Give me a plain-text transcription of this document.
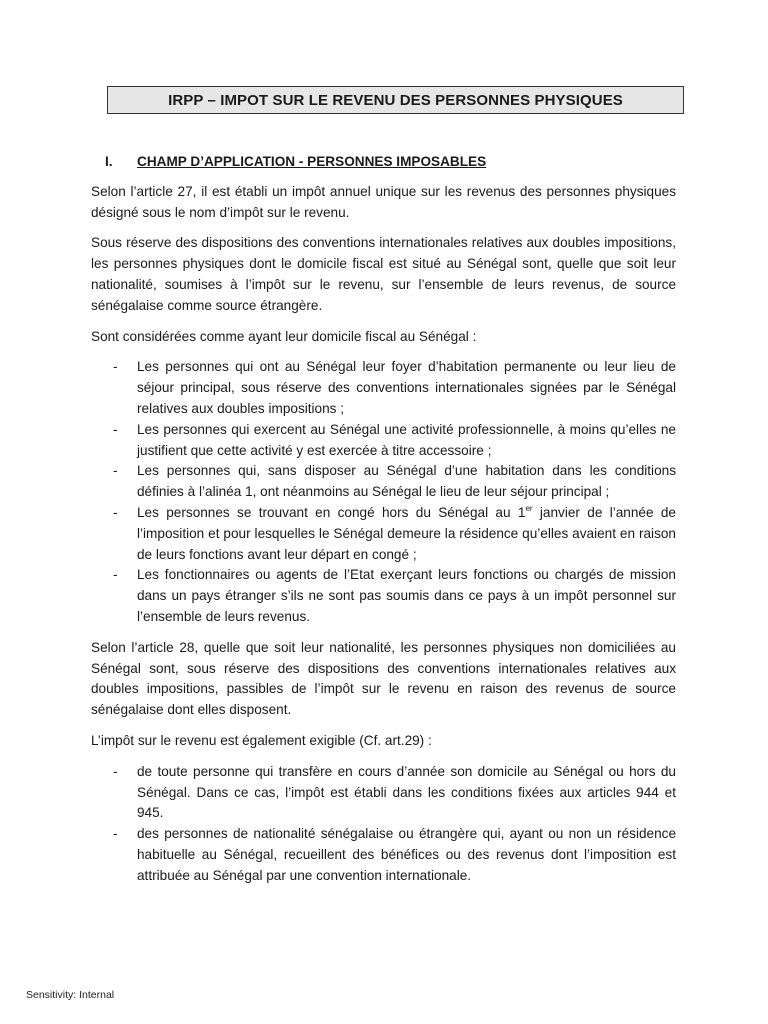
IRPP – IMPOT SUR LE REVENU DES PERSONNES PHYSIQUES
I.	CHAMP D’APPLICATION - PERSONNES IMPOSABLES

Selon l’article 27, il est établi un impôt annuel unique sur les revenus des personnes physiques désigné sous le nom d’impôt sur le revenu.

Sous réserve des dispositions des conventions internationales relatives aux doubles impositions, les personnes physiques dont le domicile fiscal est situé au Sénégal sont, quelle que soit leur nationalité, soumises à l’impôt sur le revenu, sur l’ensemble de leurs revenus, de source sénégalaise comme source étrangère.

Sont considérées comme ayant leur domicile fiscal au Sénégal :

- Les personnes qui ont au Sénégal leur foyer d’habitation permanente ou leur lieu de séjour principal, sous réserve des conventions internationales signées par le Sénégal relatives aux doubles impositions ;
- Les personnes qui exercent au Sénégal une activité professionnelle, à moins qu’elles ne justifient que cette activité y est exercée à titre accessoire ;
- Les personnes qui, sans disposer au Sénégal d’une habitation dans les conditions définies à l’alinéa 1, ont néanmoins au Sénégal le lieu de leur séjour principal ;
- Les personnes se trouvant en congé hors du Sénégal au 1er janvier de l’année de l’imposition et pour lesquelles le Sénégal demeure la résidence qu’elles avaient en raison de leurs fonctions avant leur départ en congé ;
- Les fonctionnaires ou agents de l’Etat exerçant leurs fonctions ou chargés de mission dans un pays étranger s’ils ne sont pas soumis dans ce pays à un impôt personnel sur l’ensemble de leurs revenus.

Selon l’article 28, quelle que soit leur nationalité, les personnes physiques non domiciliées au Sénégal sont, sous réserve des dispositions des conventions internationales relatives aux doubles impositions, passibles de l’impôt sur le revenu en raison des revenus de source sénégalaise dont elles disposent.

L’impôt sur le revenu est également exigible (Cf. art.29) :

- de toute personne qui transfère en cours d’année son domicile au Sénégal ou hors du Sénégal. Dans ce cas, l’impôt est établi dans les conditions fixées aux articles 944 et 945.
- des personnes de nationalité sénégalaise ou étrangère qui, ayant ou non un résidence habituelle au Sénégal, recueillent des bénéfices ou des revenus dont l’imposition est attribuée au Sénégal par une convention internationale.
Sensitivity: Internal
